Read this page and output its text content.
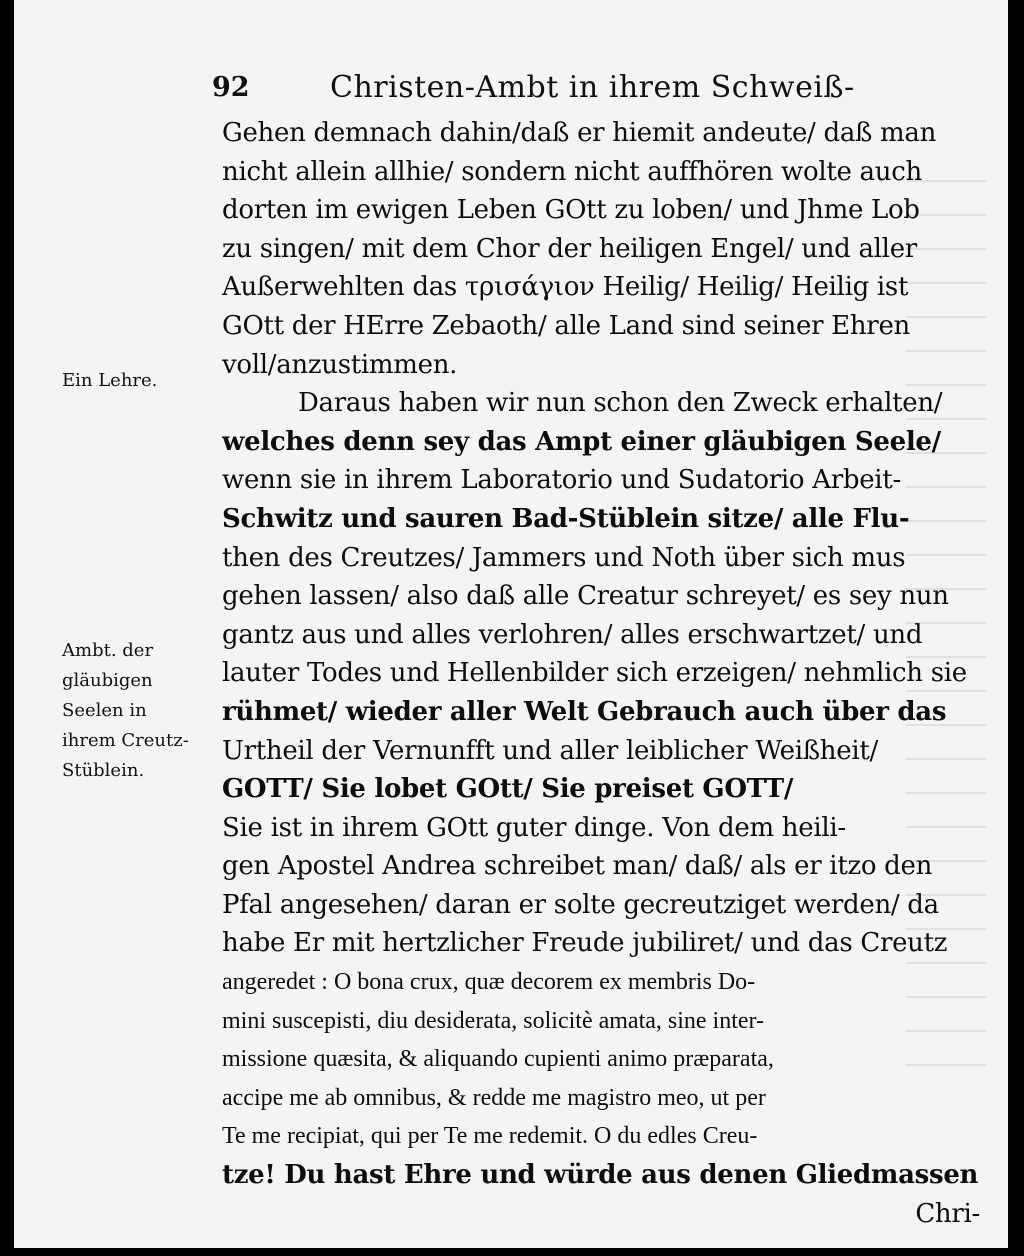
92	Christen-Ambt in ihrem Schweiß-
Ein Lehre.
Ambt. der
gläubigen
Seelen in
ihrem Creutz-
Stüblein.
Gehen demnach dahin/daß er hiemit andeute/ daß man
nicht allein allhie/ sondern nicht auffhören wolte auch
dorten im ewigen Leben GOtt zu loben/ und Jhme Lob
zu singen/ mit dem Chor der heiligen Engel/ und aller
Außerwehlten das τρισάγιον Heilig/ Heilig/ Heilig ist
GOtt der HErre Zebaoth/ alle Land sind seiner Ehren
voll/anzustimmen.
Daraus haben wir nun schon den Zweck erhalten/
welches denn sey das Ampt einer gläubigen Seele/
wenn sie in ihrem Laboratorio und Sudatorio Arbeit-
Schwitz und sauren Bad-Stüblein sitze/ alle Flu-
then des Creutzes/ Jammers und Noth über sich mus
gehen lassen/ also daß alle Creatur schreyet/ es sey nun
gantz aus und alles verlohren/ alles erschwartzet/ und
lauter Todes und Hellenbilder sich erzeigen/ nehmlich sie
rühmet/ wieder aller Welt Gebrauch auch über das
Urtheil der Vernunfft und aller leiblicher Weißheit/
GOTT/ Sie lobet GOtt/ Sie preiset GOTT/
Sie ist in ihrem GOtt guter dinge. Von dem heili-
gen Apostel Andrea schreibet man/ daß/ als er itzo den
Pfal angesehen/ daran er solte gecreutziget werden/ da
habe Er mit hertzlicher Freude jubiliret/ und das Creutz
angeredet : O bona crux, quæ decorem ex membris Do-
mini suscepisti, diu desiderata, solicitè amata, sine inter-
missione quæsita, & aliquando cupienti animo præparata,
accipe me ab omnibus, & redde me magistro meo, ut per
Te me recipiat, qui per Te me redemit. O du edles Creu-
tze! Du hast Ehre und würde aus denen Gliedmassen
Chri-
